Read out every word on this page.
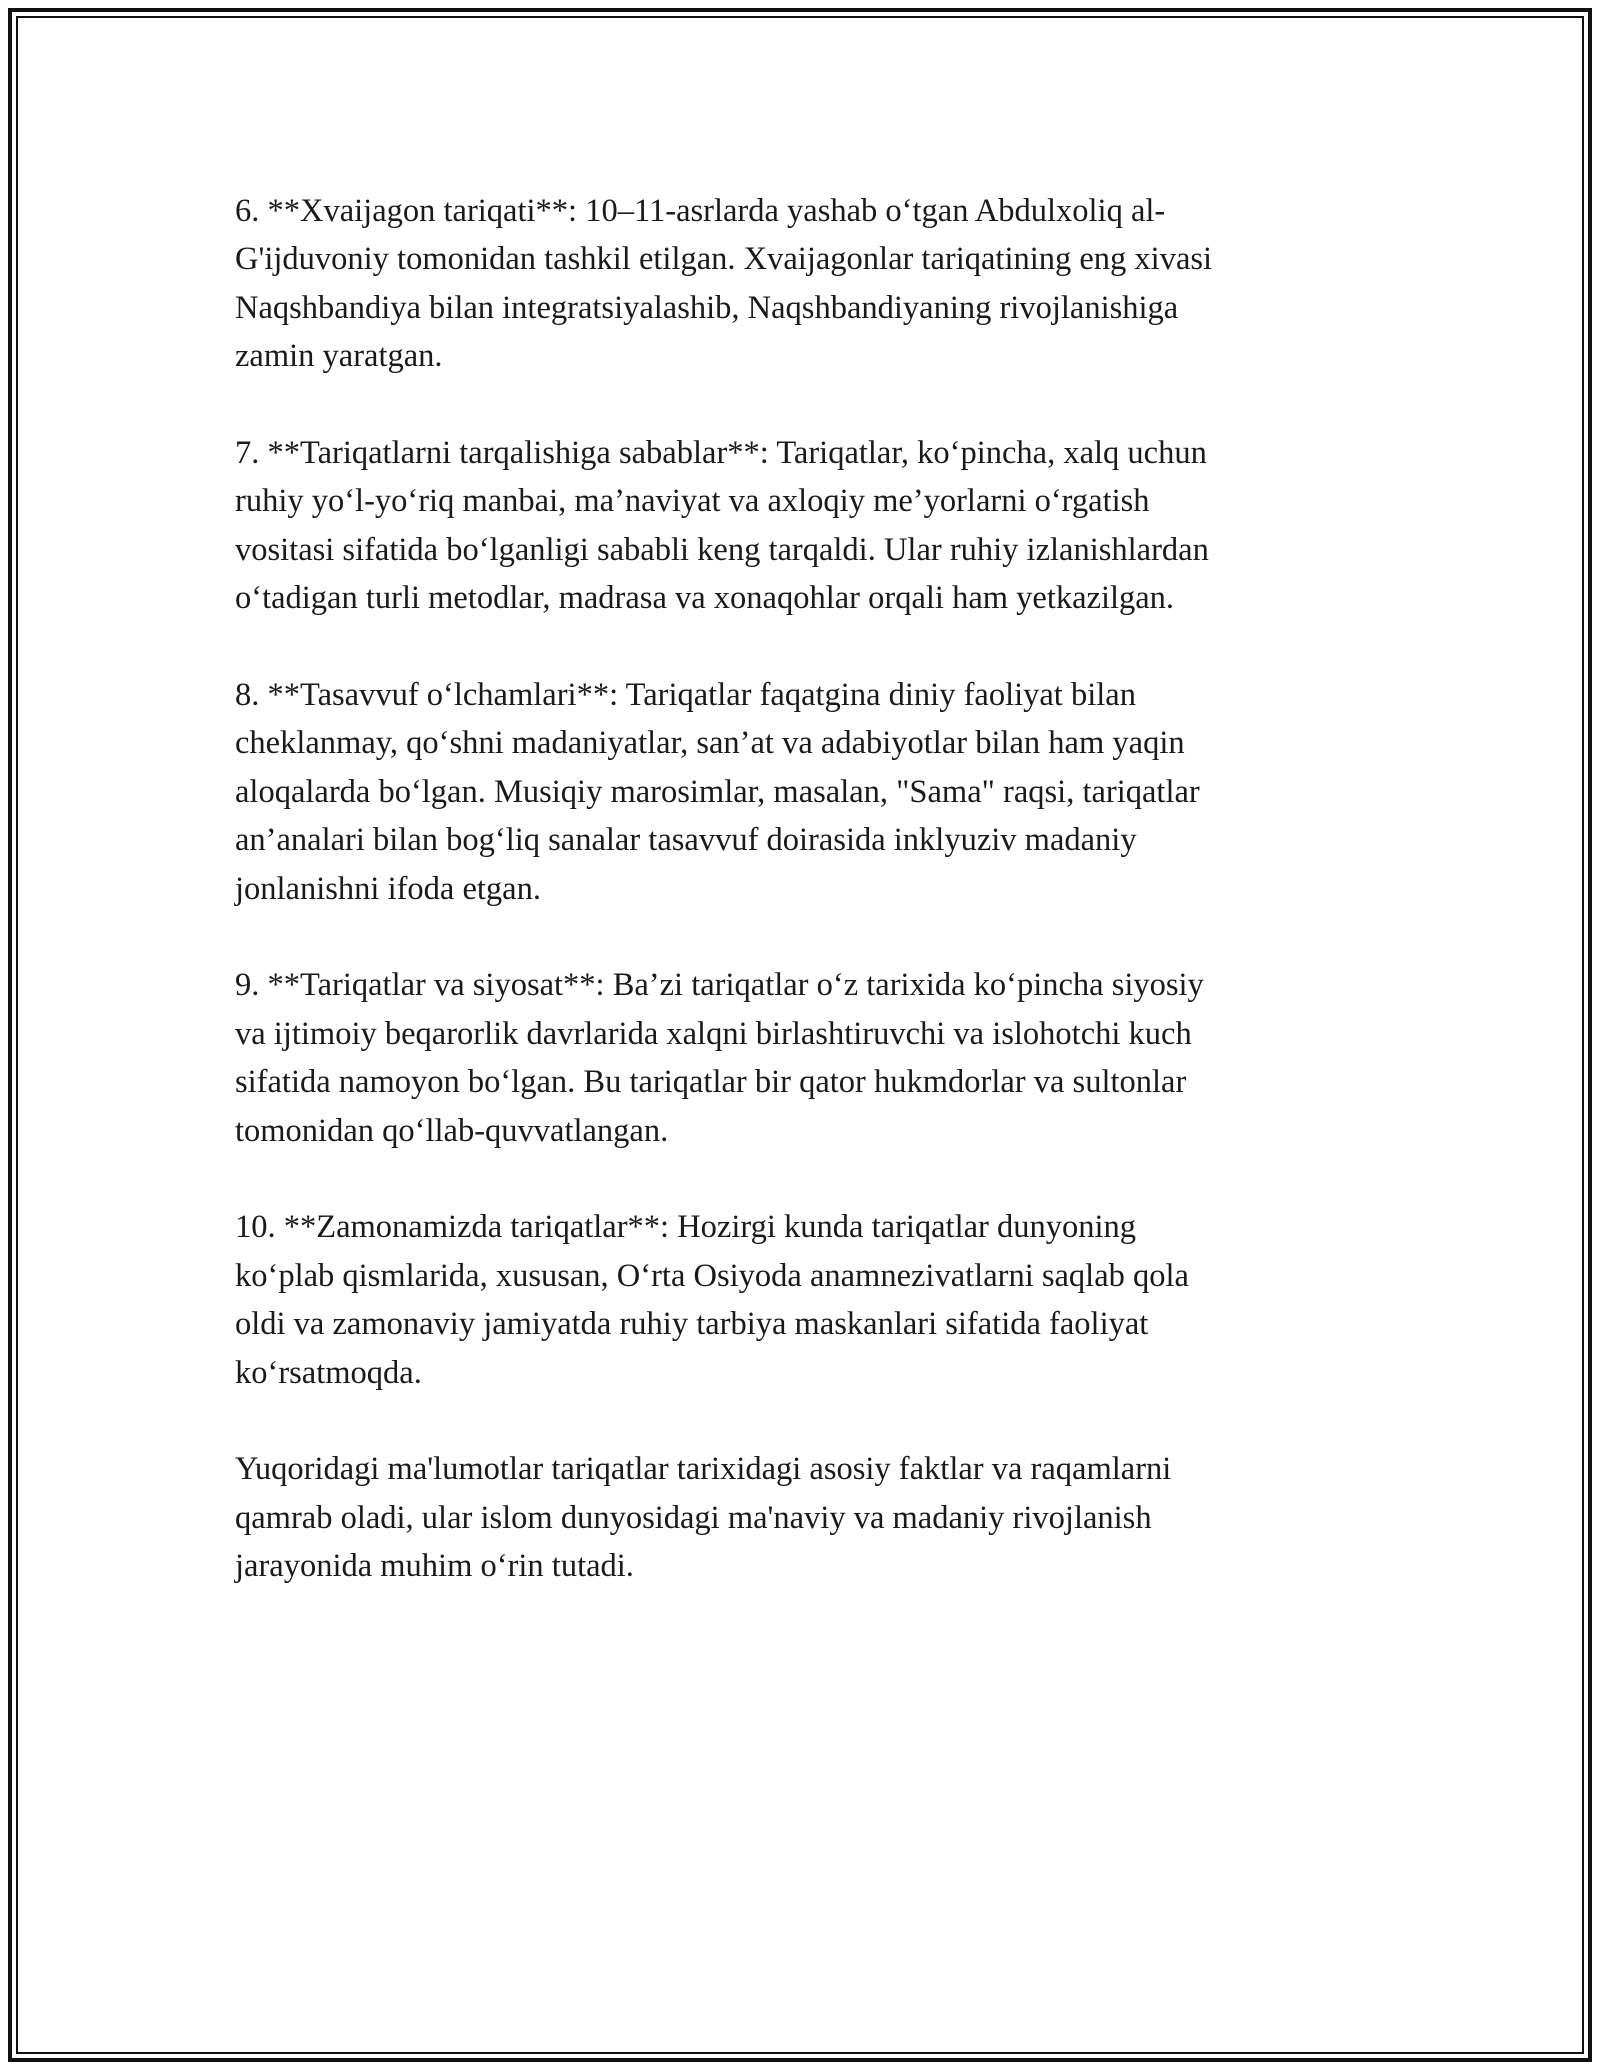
6. **Xvaijagon tariqati**: 10–11-asrlarda yashab o‘tgan Abdulxoliq al-
G'ijduvoniy tomonidan tashkil etilgan. Xvaijagonlar tariqatining eng xivasi
Naqshbandiya bilan integratsiyalashib, Naqshbandiyaning rivojlanishiga
zamin yaratgan.

7. **Tariqatlarni tarqalishiga sabablar**: Tariqatlar, ko‘pincha, xalq uchun
ruhiy yo‘l-yo‘riq manbai, ma’naviyat va axloqiy me’yorlarni o‘rgatish
vositasi sifatida bo‘lganligi sababli keng tarqaldi. Ular ruhiy izlanishlardan
o‘tadigan turli metodlar, madrasa va xonaqohlar orqali ham yetkazilgan.

8. **Tasavvuf o‘lchamlari**: Tariqatlar faqatgina diniy faoliyat bilan
cheklanmay, qo‘shni madaniyatlar, san’at va adabiyotlar bilan ham yaqin
aloqalarda bo‘lgan. Musiqiy marosimlar, masalan, "Sama" raqsi, tariqatlar
an’analari bilan bog‘liq sanalar tasavvuf doirasida inklyuziv madaniy
jonlanishni ifoda etgan.

9. **Tariqatlar va siyosat**: Ba’zi tariqatlar o‘z tarixida ko‘pincha siyosiy
va ijtimoiy beqarorlik davrlarida xalqni birlashtiruvchi va islohotchi kuch
sifatida namoyon bo‘lgan. Bu tariqatlar bir qator hukmdorlar va sultonlar
tomonidan qo‘llab-quvvatlangan.

10. **Zamonamizda tariqatlar**: Hozirgi kunda tariqatlar dunyoning
ko‘plab qismlarida, xususan, O‘rta Osiyoda anamnezivatlarni saqlab qola
oldi va zamonaviy jamiyatda ruhiy tarbiya maskanlari sifatida faoliyat
ko‘rsatmoqda.

Yuqoridagi ma'lumotlar tariqatlar tarixidagi asosiy faktlar va raqamlarni
qamrab oladi, ular islom dunyosidagi ma'naviy va madaniy rivojlanish
jarayonida muhim o‘rin tutadi.
